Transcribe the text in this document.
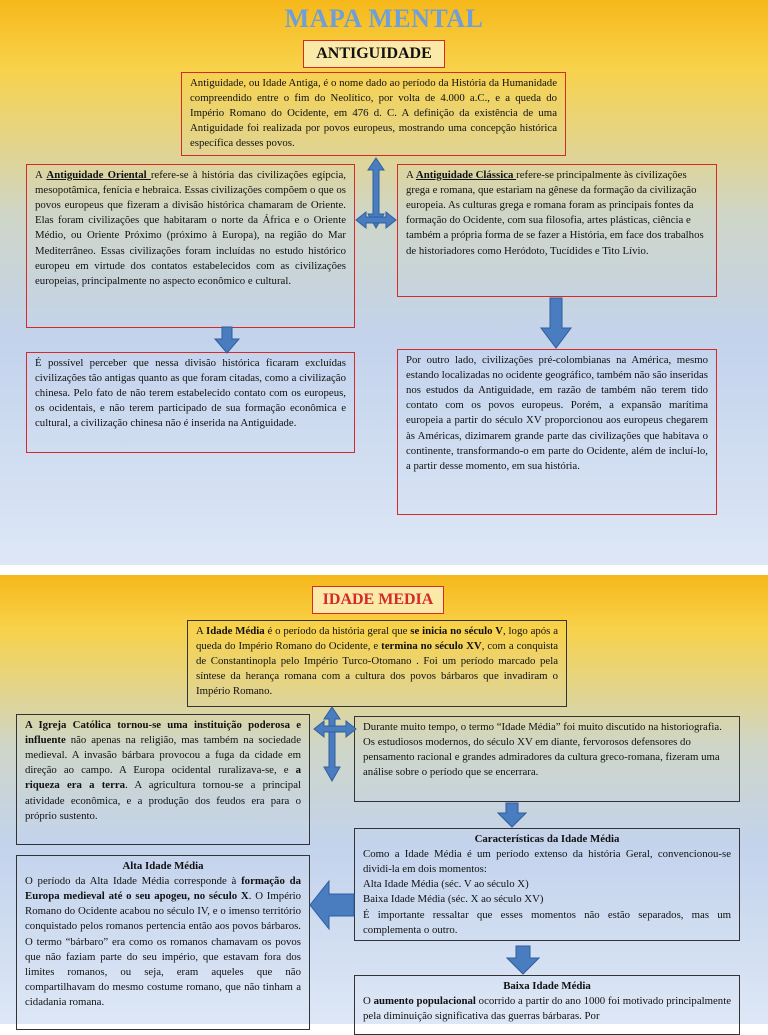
MAPA MENTAL
ANTIGUIDADE
Antiguidade, ou Idade Antiga, é o nome dado ao período da História da Humanidade compreendido entre o fim do Neolítico, por volta de 4.000 a.C., e a queda do Império Romano do Ocidente, em 476 d. C. A definição da existência de uma Antiguidade foi realizada por povos europeus, mostrando uma concepção histórica específica desses povos.
A Antiguidade Oriental refere-se à história das civilizações egípcia, mesopotâmica, fenícia e hebraica. Essas civilizações compõem o que os povos europeus que fizeram a divisão histórica chamaram de Oriente. Elas foram civilizações que habitaram o norte da África e o Oriente Médio, ou Oriente Próximo (próximo à Europa), na região do Mar Mediterrâneo. Essas civilizações foram incluídas no estudo histórico europeu em virtude dos contatos estabelecidos com as civilizações europeias, principalmente no aspecto econômico e cultural.
A Antiguidade Clássica refere-se principalmente às civilizações grega e romana, que estariam na gênese da formação da civilização europeia. As culturas grega e romana foram as principais fontes da formação do Ocidente, com sua filosofia, artes plásticas, ciência e também a própria forma de se fazer a História, em face dos trabalhos de historiadores como Heródoto, Tucídides e Tito Lívio.
É possível perceber que nessa divisão histórica ficaram excluídas civilizações tão antigas quanto as que foram citadas, como a civilização chinesa. Pelo fato de não terem estabelecido contato com os europeus, os ocidentais, e não terem participado de sua formação econômica e cultural, a civilização chinesa não é inserida na Antiguidade.
Por outro lado, civilizações pré-colombianas na América, mesmo estando localizadas no ocidente geográfico, também não são inseridas nos estudos da Antiguidade, em razão de também não terem tido contato com os povos europeus. Porém, a expansão marítima europeia a partir do século XV proporcionou aos europeus chegarem às Américas, dizimarem grande parte das civilizações que habitava o continente, transformando-o em parte do Ocidente, além de incluí-lo, a partir desse momento, em sua história.
IDADE MEDIA
A Idade Média é o período da história geral que se inicia no século V, logo após a queda do Império Romano do Ocidente, e termina no século XV, com a conquista de Constantinopla pelo Império Turco-Otomano . Foi um período marcado pela síntese da herança romana com a cultura dos povos bárbaros que invadiram o Império Romano.
A Igreja Católica tornou-se uma instituição poderosa e influente não apenas na religião, mas também na sociedade medieval. A invasão bárbara provocou a fuga da cidade em direção ao campo. A Europa ocidental ruralizava-se, e a riqueza era a terra. A agricultura tornou-se a principal atividade econômica, e a produção dos feudos era para o próprio sustento.
Durante muito tempo, o termo “Idade Média” foi muito discutido na historiografia. Os estudiosos modernos, do século XV em diante, fervorosos defensores do pensamento racional e grandes admiradores da cultura greco-romana, fizeram uma análise sobre o período que se encerrara.
Características da Idade Média
Como a Idade Média é um período extenso da história Geral, convencionou-se dividi-la em dois momentos:
Alta Idade Média (séc. V ao século X)
Baixa Idade Média (séc. X ao século XV)
É importante ressaltar que esses momentos não estão separados, mas um complementa o outro.
Alta Idade Média
O período da Alta Idade Média corresponde à formação da Europa medieval até o seu apogeu, no século X. O Império Romano do Ocidente acabou no século IV, e o imenso território conquistado pelos romanos pertencia então aos povos bárbaros. O termo “bárbaro” era como os romanos chamavam os povos que não faziam parte do seu império, que estavam fora dos limites romanos, ou seja, eram aqueles que não compartilhavam do mesmo costume romano, que não tinham a cidadania romana.
Baixa Idade Média
O aumento populacional ocorrido a partir do ano 1000 foi motivado principalmente pela diminuição significativa das guerras bárbaras. Por
